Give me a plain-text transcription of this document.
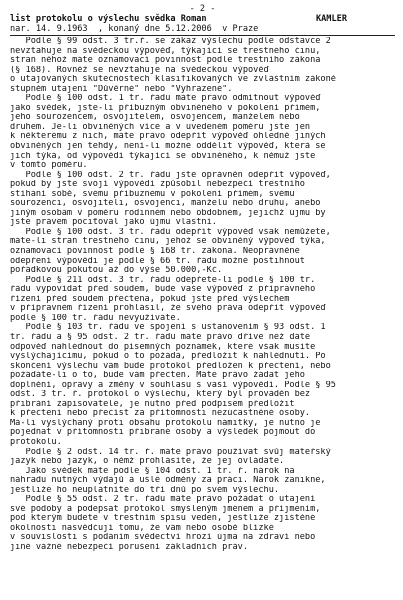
- 2 -
list protokolu o výslechu svědka Roman	KAMLER
nar. 14. 9.1963  , konaný dne 5.12.2006  v Praze
Podle § 99 odst. 3 tr.ř. se zákaz výslechu podle odstavce 2
nevztahuje na svědeckou výpověď, týkající se trestného činu,
stran něhož máte oznamovací povinnost podle trestního zákona
(§ 168). Rovněž se nevztahuje na svědeckou výpověď
o utajovaných skutečnostech klasifikovaných ve zvláštním zákoně
stupněm utajení "Důvěrné" nebo "Vyhrazené".
Podle § 100 odst. 1 tr. řádu máte právo odmítnout výpověď
jako svědek, jste-li příbuzným obviněného v pokolení přímém,
jeho sourozencem, osvojitelem, osvojencem, manželem nebo
druhem. Je-li obviněných více a v uvedeném poměru jste jen
k některému z nich, máte právo odepřít výpověď ohledně jiných
obviněných jen tehdy, není-li možné oddělit výpověď, která se
jich týká, od výpovědí týkající se obviněného, k němuž jste
v tomto poměru.
Podle § 100 odst. 2 tr. řádu jste oprávněn odepřít výpověď,
pokud by jste svojí výpovědí způsobil nebezpečí trestního
stíhání sobě, svému příbuznému v pokolení přímém, svému
sourozenci, osvojiteli, osvojenci, manželu nebo druhu, anebo
jiným osobám v poměru rodinném nebo obdobném, jejichž újmu by
jste právem pociťoval jako újmu vlastní.
Podle § 100 odst. 3 tr. řádu odepřít výpověď však nemůžete,
máte-li stran trestného činu, jehož se obviněný výpověď týká,
oznamovací povinnost podle § 168 tr. zákona. Neoprávněné
odepření výpovědi je podle § 66 tr. řádu možné postihnout
pořádkovou pokutou až do výše 50.000,-Kč.
Podle § 211 odst. 3 tr. řádu odepřete-li podle § 100 tr.
řádu vypovídat před soudem, bude vaše výpověď z přípravného
řízení před soudem přečtena, pokud jste před výslechem
v přípravném řízení prohlásil, že svého práva odepřít výpověď
podle § 100 tr. řádu nevyužíváte.
Podle § 103 tr. řádu ve spojení s ustanovením § 93 odst. 1
tr. řádu a § 95 odst. 2 tr. řádu máte právo dříve než dáte
odpověď nahlédnout do písemných poznámek, které však musíte
vyslýchajícímu, pokud o to požádá, předložit k nahlédnutí. Po
skončení výslechu vám bude protokol předložen k přečtení, nebo
požádáte-li o to, bude vám přečten. Máte právo žádat jeho
doplnění, opravy a změny v souhlasu s vaší výpovědí. Podle § 95
odst. 3 tr. ř. protokol o výslechu, který byl prováděn bez
přibrání zapisovatele, je nutno před podpisem předložit
k přečtení nebo přečíst za přítomnosti nezúčastněné osoby.
Má-li vyslýchaný proti obsahu protokolu námitky, je nutno je
pojednat v přítomnosti přibrané osoby a výsledek pojmout do
protokolu.
Podle § 2 odst. 14 tr. ř. máte právo používat svůj mateřský
jazyk nebo jazyk, o němž prohlásíte, že jej ovládáte.
Jako svědek máte podle § 104 odst. 1 tr. ř. nárok na
náhradu nutných výdajů a ušlé odměny za práci. Nárok zanikne,
jestliže ho neuplatníte do tří dnů po svém výslechu.
Podle § 55 odst. 2 tr. řádu máte právo požádat o utajení
své podoby a podepsat protokol smyšleným jménem a příjmením,
pod kterým budete v trestním spisu veden, jestliže zjištěné
okolnosti nasvědčují tomu, že vám nebo osobě blízké
v souvislosti s podáním svědectví hrozí újma na zdraví nebo
jiné vážné nebezpečí porušení základních práv.
